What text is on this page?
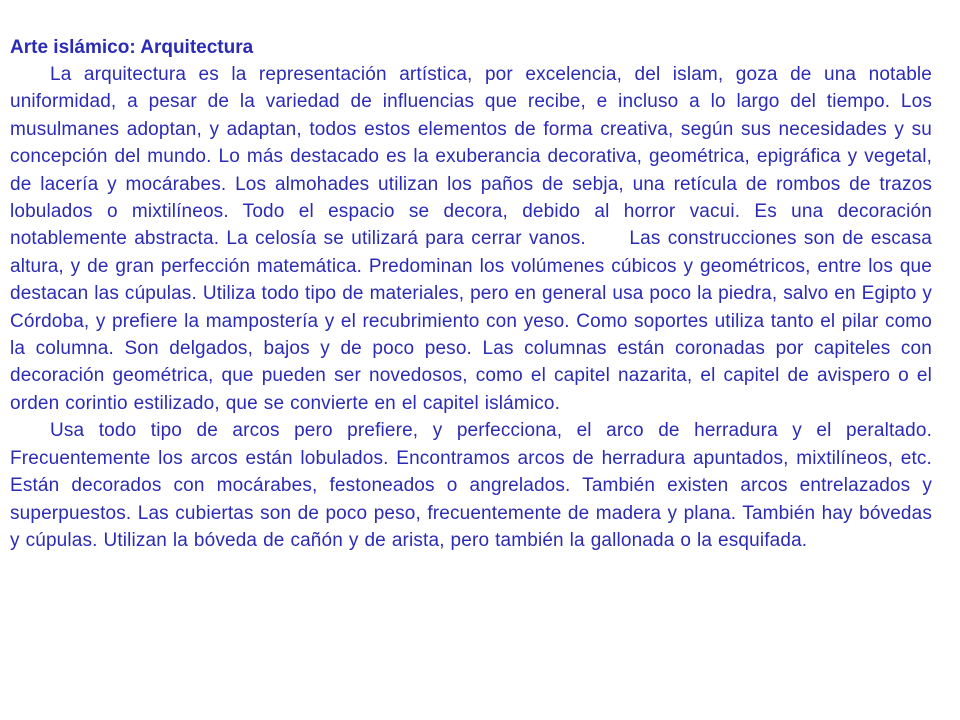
Arte islámico: Arquitectura

La arquitectura es la representación artística, por excelencia, del islam, goza de una notable uniformidad, a pesar de la variedad de influencias que recibe, e incluso a lo largo del tiempo. Los musulmanes adoptan, y adaptan, todos estos elementos de forma creativa, según sus necesidades y su concepción del mundo. Lo más destacado es la exuberancia decorativa, geométrica, epigráfica y vegetal, de lacería y mocárabes. Los almohades utilizan los paños de sebja, una retícula de rombos de trazos lobulados o mixtilíneos. Todo el espacio se decora, debido al horror vacui. Es una decoración notablemente abstracta. La celosía se utilizará para cerrar vanos.      Las construcciones son de escasa altura, y de gran perfección matemática. Predominan los volúmenes cúbicos y geométricos, entre los que destacan las cúpulas. Utiliza todo tipo de materiales, pero en general usa poco la piedra, salvo en Egipto y Córdoba, y prefiere la mampostería y el recubrimiento con yeso. Como soportes utiliza tanto el pilar como la columna. Son delgados, bajos y de poco peso. Las columnas están coronadas por capiteles con decoración geométrica, que pueden ser novedosos, como el capitel nazarita, el capitel de avispero o el orden corintio estilizado, que se convierte en el capitel islámico.

Usa todo tipo de arcos pero prefiere, y perfecciona, el arco de herradura y el peraltado. Frecuentemente los arcos están lobulados. Encontramos arcos de herradura apuntados, mixtilíneos, etc. Están decorados con mocárabes, festoneados o angrelados. También existen arcos entrelazados y superpuestos. Las cubiertas son de poco peso, frecuentemente de madera y plana. También hay bóvedas y cúpulas. Utilizan la bóveda de cañón y de arista, pero también la gallonada o la esquifada.
